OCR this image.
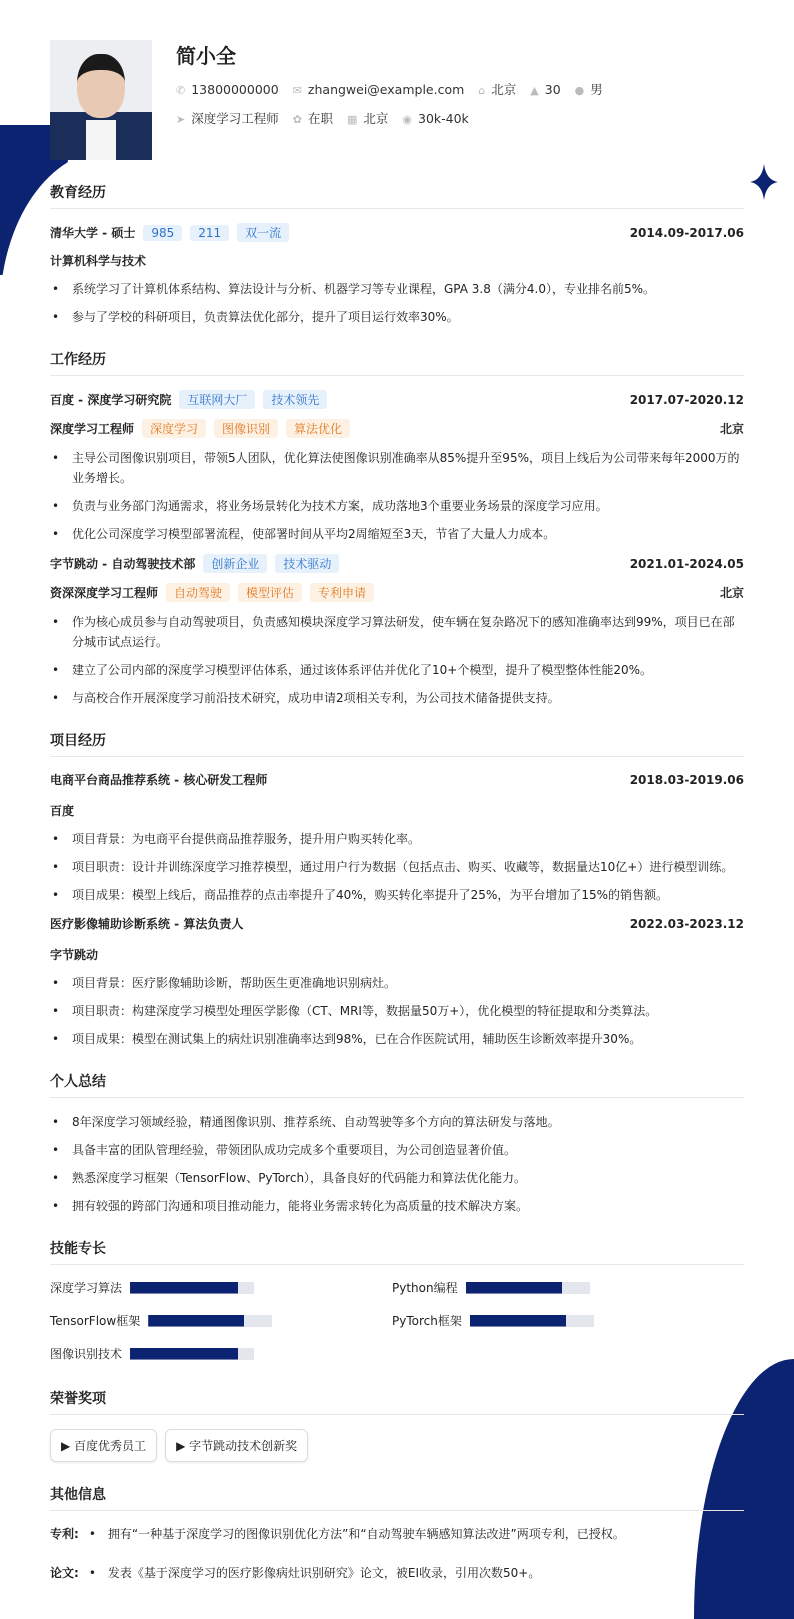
简小全
✆ 13800000000 ✉ zhangwei@example.com ⌂ 北京 ▲ 30 ● 男
➤ 深度学习工程师 ✿ 在职 ▦ 北京 ◉ 30k-40k
教育经历
清华大学 - 硕士	985	211	双一流	2014.09-2017.06
计算机科学与技术
• 系统学习了计算机体系结构、算法设计与分析、机器学习等专业课程，GPA 3.8（满分4.0），专业排名前5%。
• 参与了学校的科研项目，负责算法优化部分，提升了项目运行效率30%。
工作经历
百度 - 深度学习研究院	互联网大厂	技术领先	2017.07-2020.12
深度学习工程师	深度学习	图像识别	算法优化	北京
• 主导公司图像识别项目，带领5人团队，优化算法使图像识别准确率从85%提升至95%，项目上线后为公司带来每年2000万的业务增长。
• 负责与业务部门沟通需求，将业务场景转化为技术方案，成功落地3个重要业务场景的深度学习应用。
• 优化公司深度学习模型部署流程，使部署时间从平均2周缩短至3天，节省了大量人力成本。
字节跳动 - 自动驾驶技术部	创新企业	技术驱动	2021.01-2024.05
资深深度学习工程师	自动驾驶	模型评估	专利申请	北京
• 作为核心成员参与自动驾驶项目，负责感知模块深度学习算法研发，使车辆在复杂路况下的感知准确率达到99%，项目已在部分城市试点运行。
• 建立了公司内部的深度学习模型评估体系，通过该体系评估并优化了10+个模型，提升了模型整体性能20%。
• 与高校合作开展深度学习前沿技术研究，成功申请2项相关专利，为公司技术储备提供支持。
项目经历
电商平台商品推荐系统 - 核心研发工程师	2018.03-2019.06
百度
• 项目背景：为电商平台提供商品推荐服务，提升用户购买转化率。
• 项目职责：设计并训练深度学习推荐模型，通过用户行为数据（包括点击、购买、收藏等，数据量达10亿+）进行模型训练。
• 项目成果：模型上线后，商品推荐的点击率提升了40%，购买转化率提升了25%，为平台增加了15%的销售额。
医疗影像辅助诊断系统 - 算法负责人	2022.03-2023.12
字节跳动
• 项目背景：医疗影像辅助诊断，帮助医生更准确地识别病灶。
• 项目职责：构建深度学习模型处理医学影像（CT、MRI等，数据量50万+），优化模型的特征提取和分类算法。
• 项目成果：模型在测试集上的病灶识别准确率达到98%，已在合作医院试用，辅助医生诊断效率提升30%。
个人总结
• 8年深度学习领域经验，精通图像识别、推荐系统、自动驾驶等多个方向的算法研发与落地。
• 具备丰富的团队管理经验，带领团队成功完成多个重要项目，为公司创造显著价值。
• 熟悉深度学习框架（TensorFlow、PyTorch），具备良好的代码能力和算法优化能力。
• 拥有较强的跨部门沟通和项目推动能力，能将业务需求转化为高质量的技术解决方案。
技能专长
深度学习算法	Python编程
TensorFlow框架	PyTorch框架
图像识别技术
荣誉奖项
▶ 百度优秀员工	▶ 字节跳动技术创新奖
其他信息
专利: • 拥有“一种基于深度学习的图像识别优化方法”和“自动驾驶车辆感知算法改进”两项专利，已授权。
论文: • 发表《基于深度学习的医疗影像病灶识别研究》论文，被EI收录，引用次数50+。
